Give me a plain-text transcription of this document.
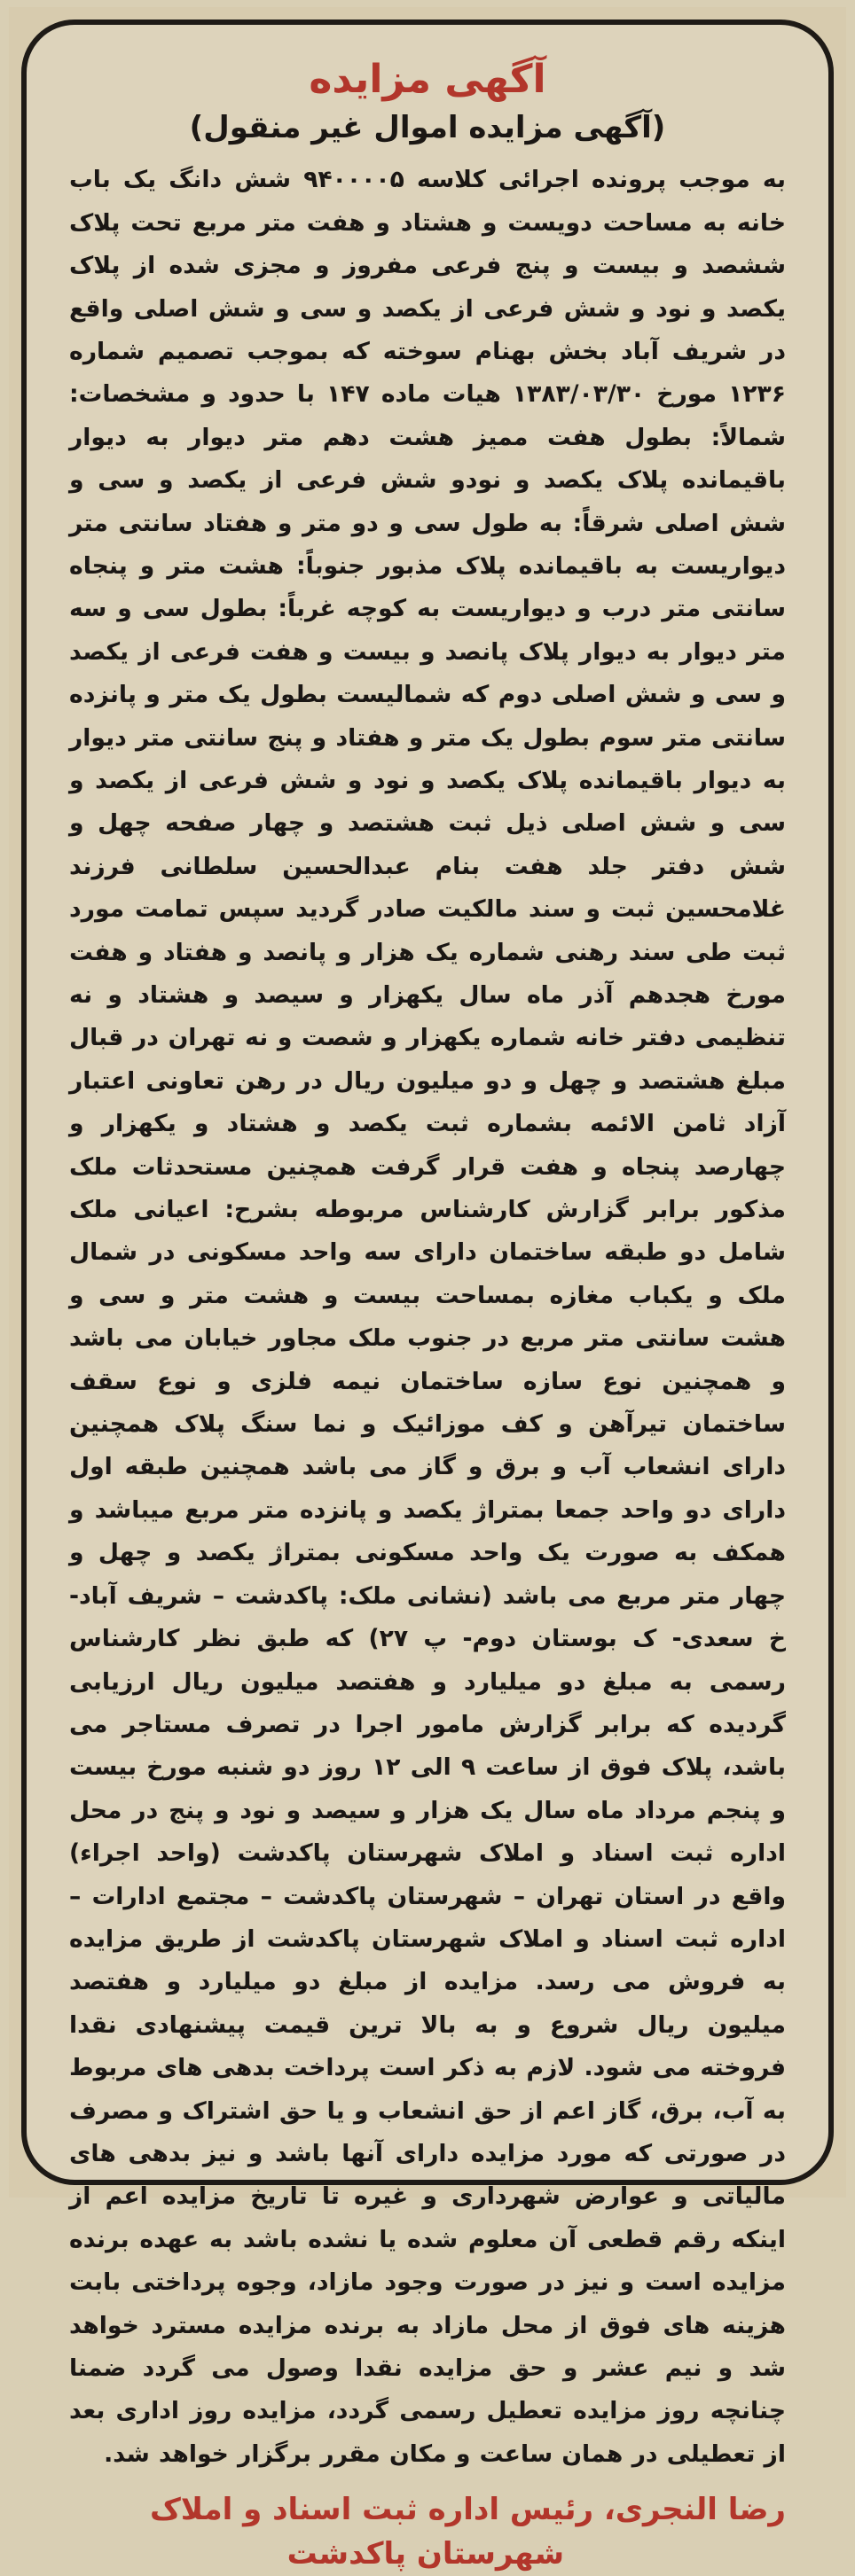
آگهی مزایده
(آگهی مزایده اموال غیر منقول)

به موجب پرونده اجرائی کلاسه ۹۴۰۰۰۰۵ شش دانگ یک باب خانه به مساحت دویست و هشتاد و هفت متر مربع تحت پلاک ششصد و بیست و پنج فرعی مفروز و مجزی شده از پلاک یکصد و نود و شش فرعی از یکصد و سی و شش اصلی واقع در شریف آباد بخش بهنام سوخته که بموجب تصمیم شماره ۱۲۳۶ مورخ ۱۳۸۳/۰۳/۳۰ هیات ماده ۱۴۷ با حدود و مشخصات: شمالاً: بطول هفت ممیز هشت دهم متر دیوار به دیوار باقیمانده پلاک یکصد و نودو شش فرعی از یکصد و سی و شش اصلی شرقاً: به طول سی و دو متر و هفتاد سانتی متر دیواریست به باقیمانده پلاک مذبور جنوباً: هشت متر و پنجاه سانتی متر درب و دیواریست به کوچه غرباً: بطول سی و سه متر دیوار به دیوار پلاک پانصد و بیست و هفت فرعی از یکصد و سی و شش اصلی دوم که شمالیست بطول یک متر و پانزده سانتی متر سوم بطول یک متر و هفتاد و پنج سانتی متر دیوار به دیوار باقیمانده پلاک یکصد و نود و شش فرعی از یکصد و سی و شش اصلی ذیل ثبت هشتصد و چهار صفحه چهل و شش دفتر جلد هفت بنام عبدالحسین سلطانی فرزند غلامحسین ثبت و سند مالکیت صادر گردید سپس تمامت مورد ثبت طی سند رهنی شماره یک هزار و پانصد و هفتاد و هفت مورخ هجدهم آذر ماه سال یکهزار و سیصد و هشتاد و نه تنظیمی دفتر خانه شماره یکهزار و شصت و نه تهران در قبال مبلغ هشتصد و چهل و دو میلیون ریال در رهن تعاونی اعتبار آزاد ثامن الائمه بشماره ثبت یکصد و هشتاد و یکهزار و چهارصد پنجاه و هفت قرار گرفت همچنین مستحدثات ملک مذکور برابر گزارش کارشناس مربوطه بشرح: اعیانی ملک شامل دو طبقه ساختمان دارای سه واحد مسکونی در شمال ملک و یکباب مغازه بمساحت بیست و هشت متر و سی و هشت سانتی متر مربع در جنوب ملک مجاور خیابان می باشد و همچنین نوع سازه ساختمان نیمه فلزی و نوع سقف ساختمان تیرآهن و کف موزائیک و نما سنگ پلاک همچنین دارای انشعاب آب و برق و گاز می باشد همچنین طبقه اول دارای دو واحد جمعا بمتراژ یکصد و پانزده متر مربع میباشد و همکف به صورت یک واحد مسکونی بمتراژ یکصد و چهل و چهار متر مربع می باشد (نشانی ملک: پاکدشت – شریف آباد- خ سعدی- ک بوستان دوم- پ ۲۷) که طبق نظر کارشناس رسمی به مبلغ دو میلیارد و هفتصد میلیون ریال ارزیابی گردیده که برابر گزارش مامور اجرا در تصرف مستاجر می باشد، پلاک فوق از ساعت ۹ الی ۱۲ روز دو شنبه مورخ بیست و پنجم مرداد ماه سال یک هزار و سیصد و نود و پنج در محل اداره ثبت اسناد و املاک شهرستان پاکدشت (واحد اجراء) واقع در استان تهران – شهرستان پاکدشت – مجتمع ادارات – اداره ثبت اسناد و املاک شهرستان پاکدشت از طریق مزایده به فروش می رسد. مزایده از مبلغ دو میلیارد و هفتصد میلیون ریال شروع و به بالا ترین قیمت پیشنهادی نقدا فروخته می شود. لازم به ذکر است پرداخت بدهی های مربوط به آب، برق، گاز اعم از حق انشعاب و یا حق اشتراک و مصرف در صورتی که مورد مزایده دارای آنها باشد و نیز بدهی های مالیاتی و عوارض شهرداری و غیره تا تاریخ مزایده اعم از اینکه رقم قطعی آن معلوم شده یا نشده باشد به عهده برنده مزایده است و نیز در صورت وجود مازاد، وجوه پرداختی بابت هزینه های فوق از محل مازاد به برنده مزایده مسترد خواهد شد و نیم عشر و حق مزایده نقدا وصول می گردد ضمنا چنانچه روز مزایده تعطیل رسمی گردد، مزایده روز اداری بعد از تعطیلی در همان ساعت و مکان مقرر برگزار خواهد شد.

رضا النجری، رئیس اداره ثبت اسناد و املاک
شهرستان پاکدشت
